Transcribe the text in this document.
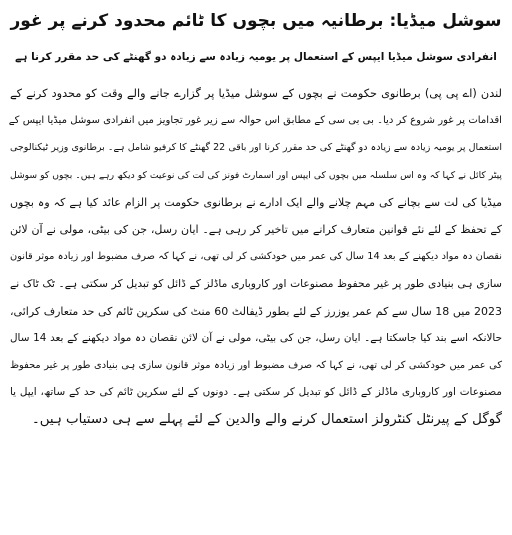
سوشل میڈیا: برطانیہ میں بچوں کا ٹائم محدود کرنے پر غور
انفرادی سوشل میڈیا ایپس کے استعمال پر یومیہ زیادہ سے زیادہ دو گھنٹے کی حد مقرر کرنا ہے
لندن (اے پی پی) برطانوی حکومت نے بچوں کے سوشل میڈیا پر گزارے جانے والے وقت کو محدود کرنے کے
اقدامات پر غور شروع کر دیا۔ بی بی سی کے مطابق اس حوالہ سے زیر غور تجاویز میں انفرادی سوشل میڈیا ایپس کے
استعمال پر یومیہ زیادہ سے زیادہ دو گھنٹے کی حد مقرر کرنا اور باقی 22 گھنٹے کا کرفیو شامل ہے۔ برطانوی وزیر ٹیکنالوجی
پیٹر کائل نے کہا کہ وہ اس سلسلہ میں بچوں کی ایپس اور اسمارٹ فونز کی لت کی نوعیت کو دیکھ رہے ہیں۔ بچوں کو سوشل
میڈیا کی لت سے بچانے کی مہم چلانے والے ایک ادارے نے برطانوی حکومت پر الزام عائد کیا ہے کہ وہ بچوں
کے تحفظ کے لئے نئے قوانین متعارف کرانے میں تاخیر کر رہی ہے۔ ایان رسل، جن کی بیٹی، مولی نے آن لائن
نقصان دہ مواد دیکھنے کے بعد 14 سال کی عمر میں خودکشی کر لی تھی، نے کہا کہ صرف مضبوط اور زیادہ موثر قانون
سازی ہی بنیادی طور پر غیر محفوظ مصنوعات اور کاروباری ماڈلز کے ڈائل کو تبدیل کر سکتی ہے۔ ٹک ٹاک نے
2023 میں 18 سال سے کم عمر یوزرز کے لئے بطور ڈیفالٹ 60 منٹ کی سکرین ٹائم کی حد متعارف کرائی،
حالانکہ اسے بند کیا جاسکتا ہے۔ ایان رسل، جن کی بیٹی، مولی نے آن لائن نقصان دہ مواد دیکھنے کے بعد 14 سال
کی عمر میں خودکشی کر لی تھی، نے کہا کہ صرف مضبوط اور زیادہ موثر قانون سازی ہی بنیادی طور پر غیر محفوظ
مصنوعات اور کاروباری ماڈلز کے ڈائل کو تبدیل کر سکتی ہے۔ دونوں کے لئے سکرین ٹائم کی حد کے ساتھ، ایپل یا
گوگل کے پیرنٹل کنٹرولز استعمال کرنے والے والدین کے لئے پہلے سے ہی دستیاب ہیں۔
